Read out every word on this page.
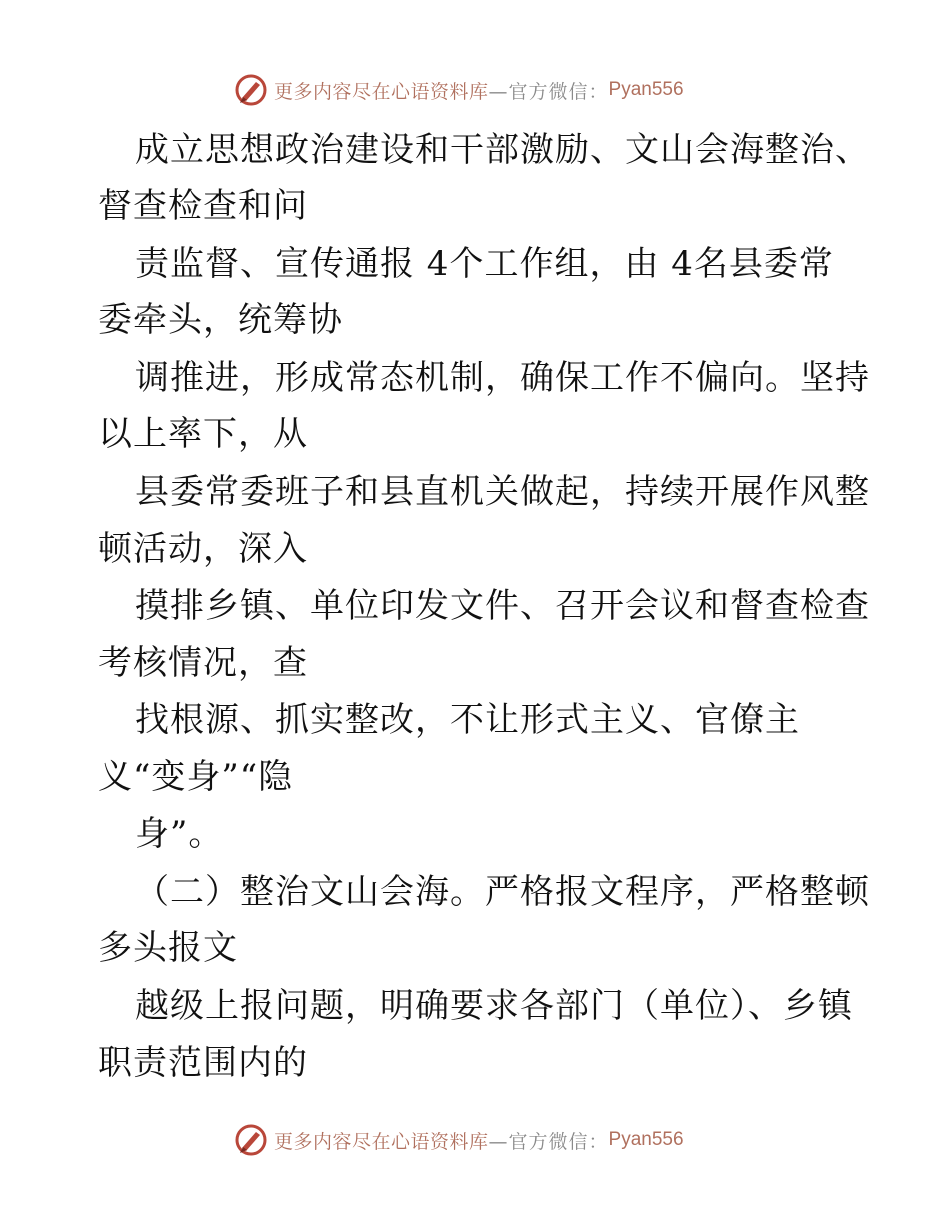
更多内容尽在心语资料库 —官方微信： Pyan556
成立思想政治建设和干部激励、文山会海整治、
督查检查和问
责监督、宣传通报 4个工作组，由 4名县委常
委牵头，统筹协
调推进，形成常态机制，确保工作不偏向。坚持
以上率下，从
县委常委班子和县直机关做起，持续开展作风整
顿活动，深入
摸排乡镇、单位印发文件、召开会议和督查检查
考核情况，查
找根源、抓实整改，不让形式主义、官僚主
义“变身”“隐
身”。
（二）整治文山会海。严格报文程序，严格整顿
多头报文
越级上报问题，明确要求各部门（单位）、乡镇
职责范围内的
更多内容尽在心语资料库 —官方微信： Pyan556
